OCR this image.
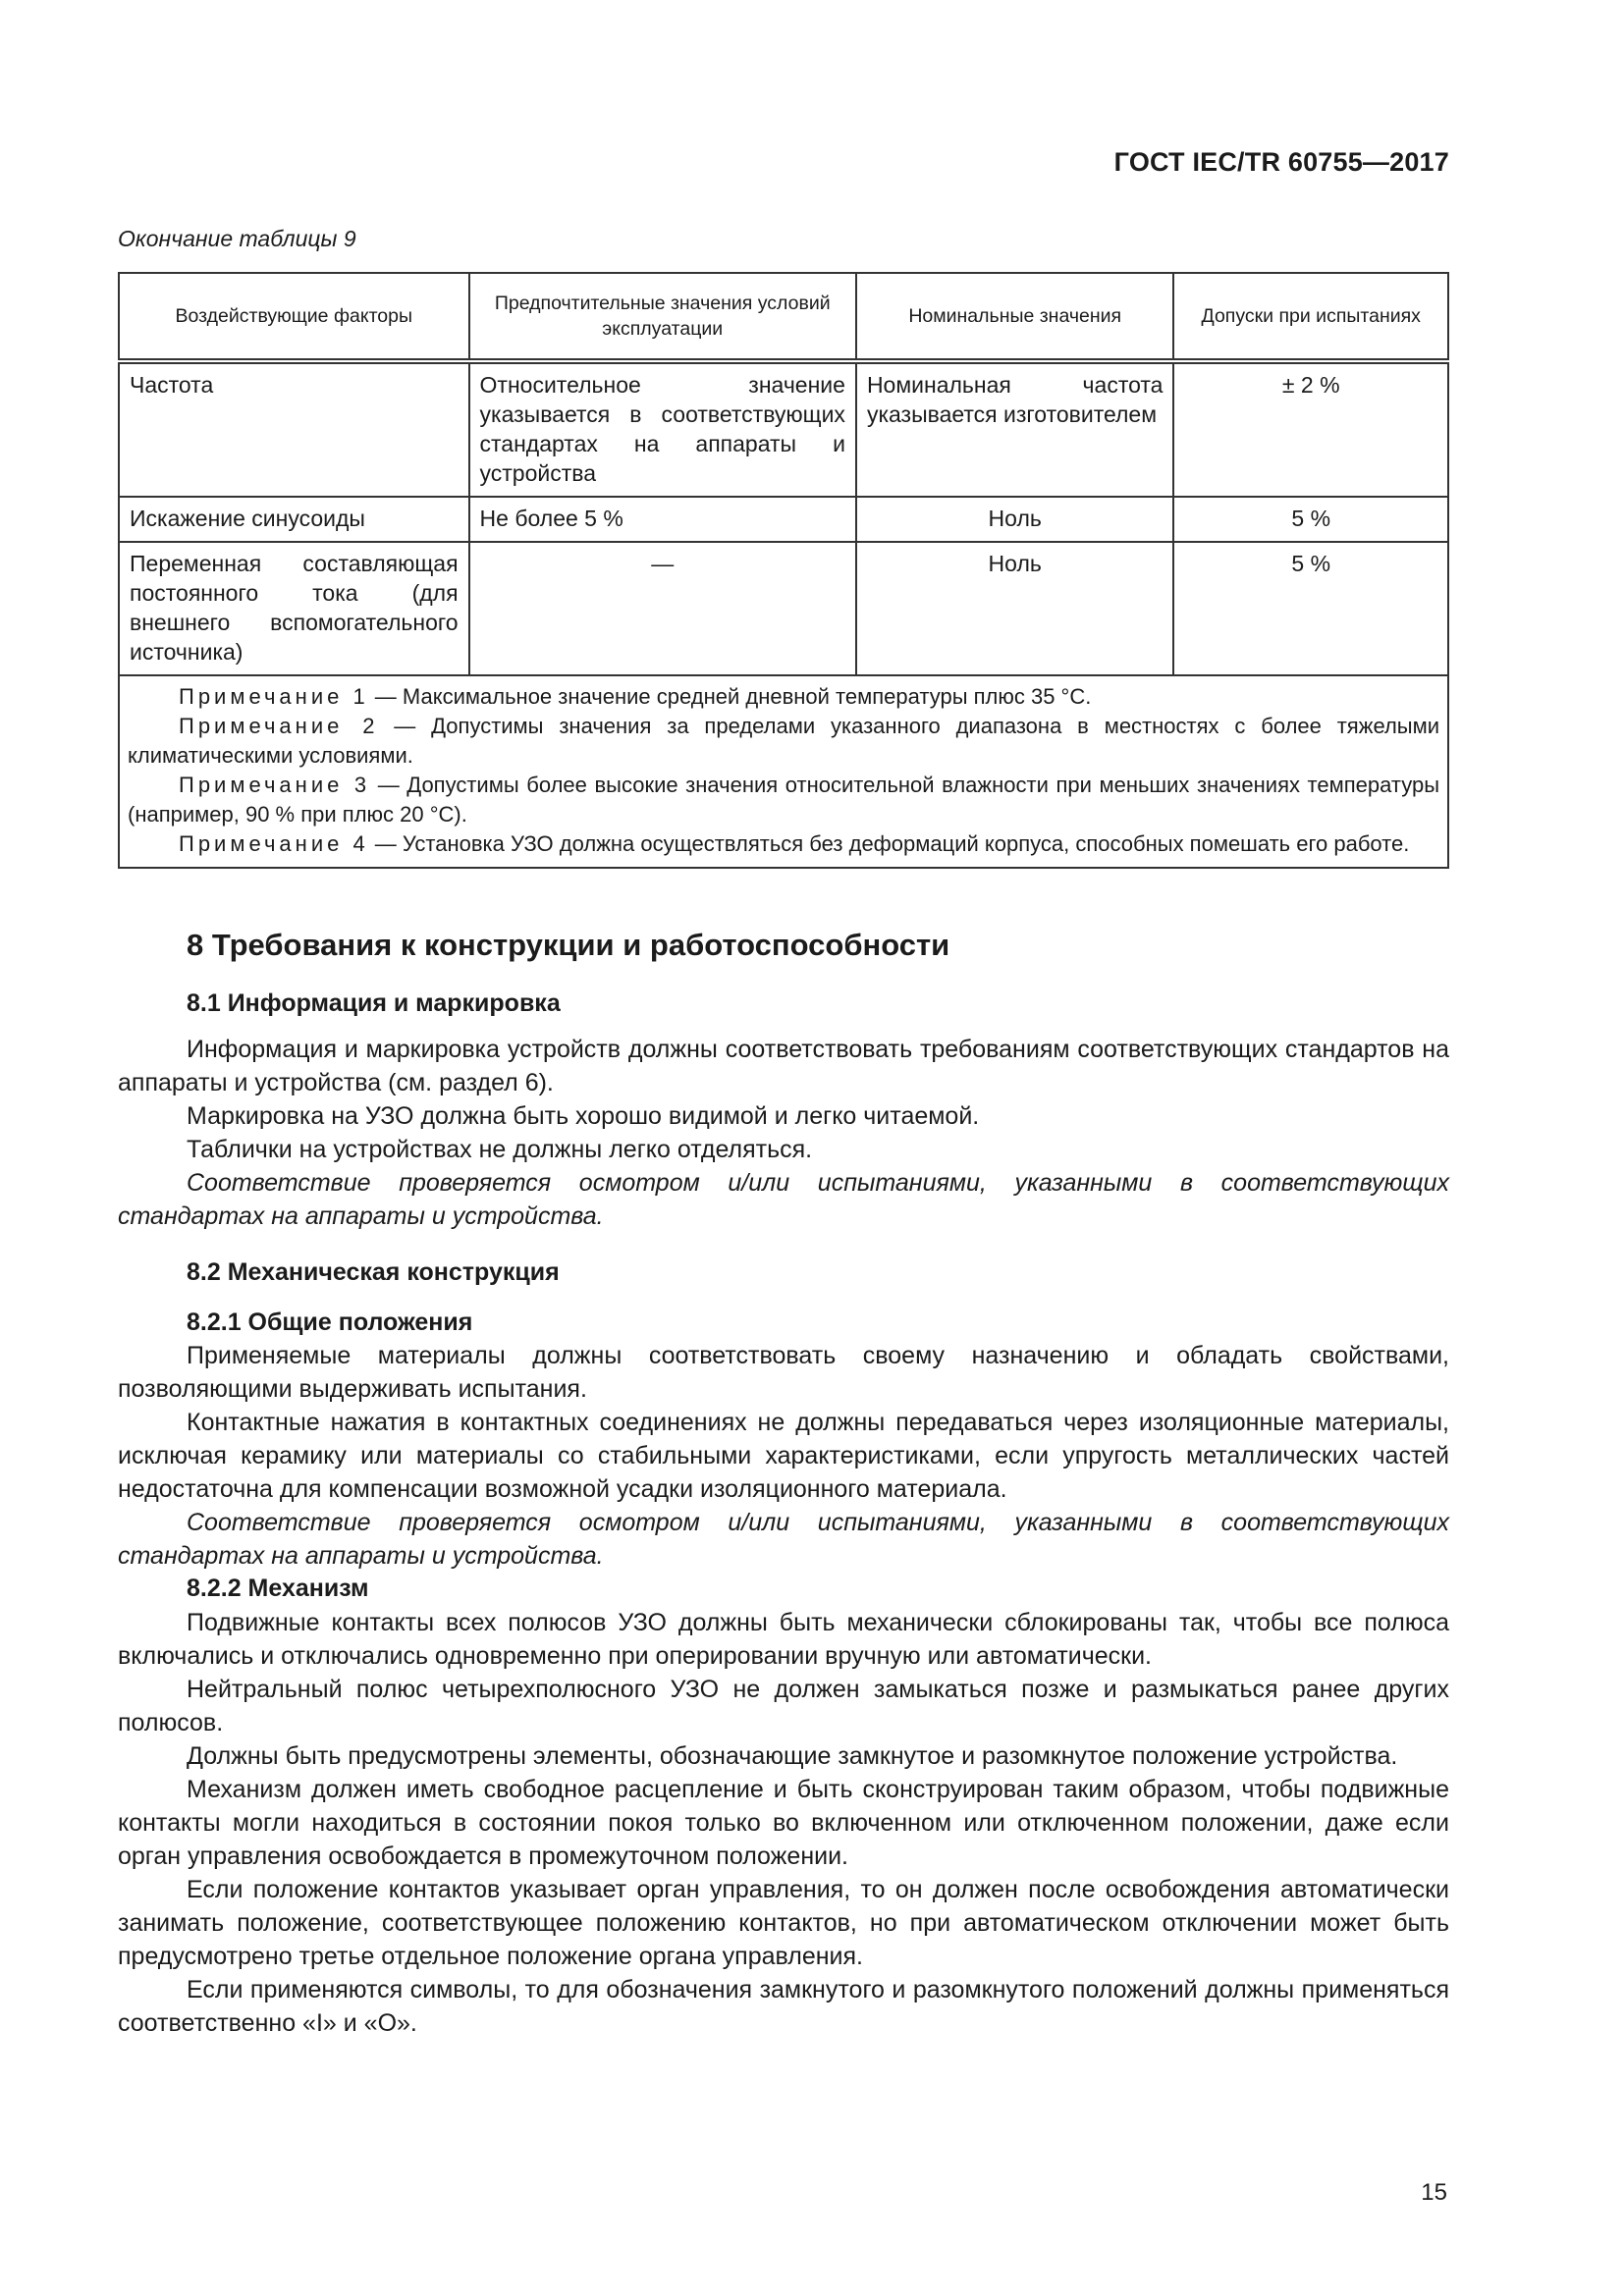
ГОСТ IEC/TR 60755—2017
Окончание таблицы 9
Воздействующие факторы	Предпочтительные значения условий эксплуатации	Номинальные значения	Допуски при испытаниях
Частота	Относительное значение указывается в соответствующих стандартах на аппараты и устройства	Номинальная частота указывается изготовителем	± 2 %
Искажение синусоиды	Не более 5 %	Ноль	5 %
Переменная составляющая постоянного тока (для внешнего вспомогательного источника)	—	Ноль	5 %

Примечание 1 — Максимальное значение средней дневной температуры плюс 35 °С.
Примечание 2 — Допустимы значения за пределами указанного диапазона в местностях с более тяжелыми климатическими условиями.
Примечание 3 — Допустимы более высокие значения относительной влажности при меньших значениях температуры (например, 90 % при плюс 20 °С).
Примечание 4 — Установка УЗО должна осуществляться без деформаций корпуса, способных помешать его работе.			
8 Требования к конструкции и работоспособности
8.1 Информация и маркировка

Информация и маркировка устройств должны соответствовать требованиям соответствующих стандартов на аппараты и устройства (см. раздел 6).

Маркировка на УЗО должна быть хорошо видимой и легко читаемой.

Таблички на устройствах не должны легко отделяться.

Соответствие проверяется осмотром и/или испытаниями, указанными в соответствующих стандартах на аппараты и устройства.

8.2 Механическая конструкция
8.2.1 Общие положения

Применяемые материалы должны соответствовать своему назначению и обладать свойствами, позволяющими выдерживать испытания.

Контактные нажатия в контактных соединениях не должны передаваться через изоляционные материалы, исключая керамику или материалы со стабильными характеристиками, если упругость металлических частей недостаточна для компенсации возможной усадки изоляционного материала.

Соответствие проверяется осмотром и/или испытаниями, указанными в соответствующих стандартах на аппараты и устройства.

8.2.2 Механизм

Подвижные контакты всех полюсов УЗО должны быть механически сблокированы так, чтобы все полюса включались и отключались одновременно при оперировании вручную или автоматически.

Нейтральный полюс четырехполюсного УЗО не должен замыкаться позже и размыкаться ранее других полюсов.

Должны быть предусмотрены элементы, обозначающие замкнутое и разомкнутое положение устройства.

Механизм должен иметь свободное расцепление и быть сконструирован таким образом, чтобы подвижные контакты могли находиться в состоянии покоя только во включенном или отключенном положении, даже если орган управления освобождается в промежуточном положении.

Если положение контактов указывает орган управления, то он должен после освобождения автоматически занимать положение, соответствующее положению контактов, но при автоматическом отключении может быть предусмотрено третье отдельное положение органа управления.

Если применяются символы, то для обозначения замкнутого и разомкнутого положений должны применяться соответственно «I» и «O».

15
